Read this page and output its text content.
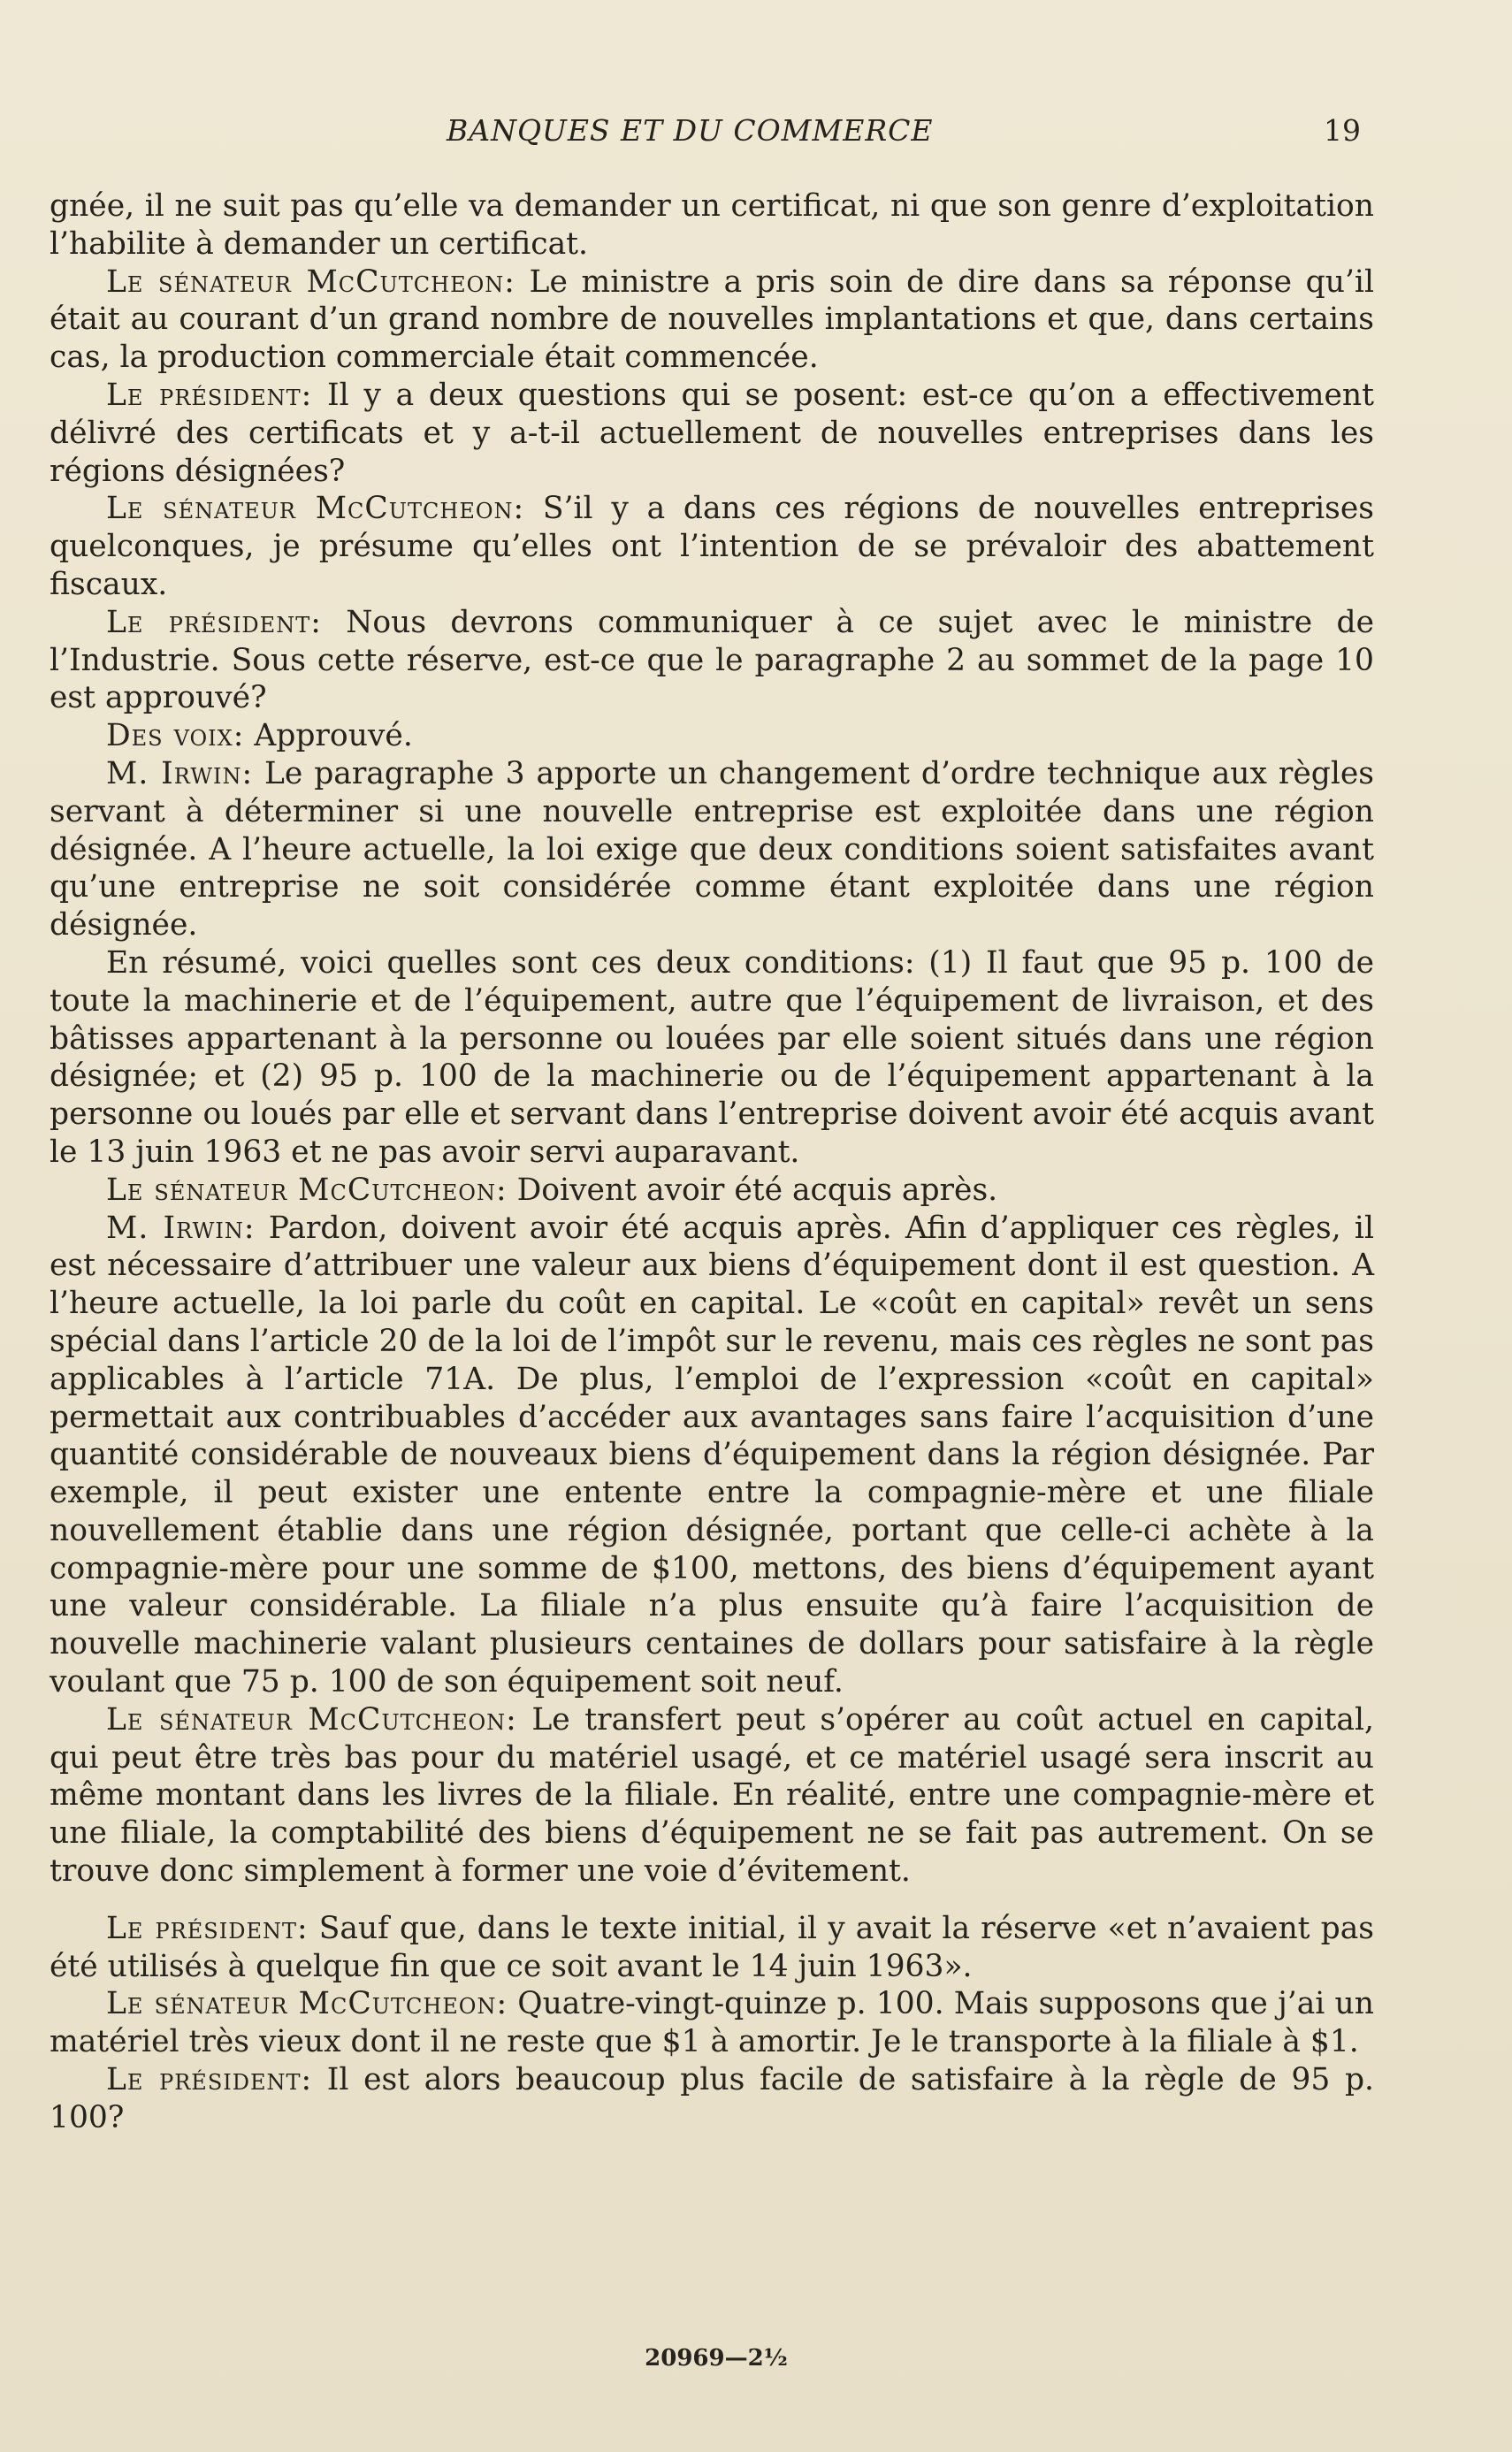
BANQUES ET DU COMMERCE	19

gnée, il ne suit pas qu’elle va demander un certificat, ni que son genre d’exploitation l’habilite à demander un certificat.

Le sénateur McCutcheon: Le ministre a pris soin de dire dans sa réponse qu’il était au courant d’un grand nombre de nouvelles implantations et que, dans certains cas, la production commerciale était commencée.

Le président: Il y a deux questions qui se posent: est-ce qu’on a effectivement délivré des certificats et y a-t-il actuellement de nouvelles entreprises dans les régions désignées?

Le sénateur McCutcheon: S’il y a dans ces régions de nouvelles entreprises quelconques, je présume qu’elles ont l’intention de se prévaloir des abattement fiscaux.

Le président: Nous devrons communiquer à ce sujet avec le ministre de l’Industrie. Sous cette réserve, est-ce que le paragraphe 2 au sommet de la page 10 est approuvé?

Des voix: Approuvé.

M. Irwin: Le paragraphe 3 apporte un changement d’ordre technique aux règles servant à déterminer si une nouvelle entreprise est exploitée dans une région désignée. A l’heure actuelle, la loi exige que deux conditions soient satisfaites avant qu’une entreprise ne soit considérée comme étant exploitée dans une région désignée.

En résumé, voici quelles sont ces deux conditions: (1) Il faut que 95 p. 100 de toute la machinerie et de l’équipement, autre que l’équipement de livraison, et des bâtisses appartenant à la personne ou louées par elle soient situés dans une région désignée; et (2) 95 p. 100 de la machinerie ou de l’équipement appartenant à la personne ou loués par elle et servant dans l’entreprise doivent avoir été acquis avant le 13 juin 1963 et ne pas avoir servi auparavant.

Le sénateur McCutcheon: Doivent avoir été acquis après.

M. Irwin: Pardon, doivent avoir été acquis après. Afin d’appliquer ces règles, il est nécessaire d’attribuer une valeur aux biens d’équipement dont il est question. A l’heure actuelle, la loi parle du coût en capital. Le «coût en capital» revêt un sens spécial dans l’article 20 de la loi de l’impôt sur le revenu, mais ces règles ne sont pas applicables à l’article 71A. De plus, l’emploi de l’expression «coût en capital» permettait aux contribuables d’accéder aux avantages sans faire l’acquisition d’une quantité considérable de nouveaux biens d’équipement dans la région désignée. Par exemple, il peut exister une entente entre la compagnie-mère et une filiale nouvellement établie dans une région désignée, portant que celle-ci achète à la compagnie-mère pour une somme de $100, mettons, des biens d’équipement ayant une valeur considérable. La filiale n’a plus ensuite qu’à faire l’acquisition de nouvelle machinerie valant plusieurs centaines de dollars pour satisfaire à la règle voulant que 75 p. 100 de son équipement soit neuf.

Le sénateur McCutcheon: Le transfert peut s’opérer au coût actuel en capital, qui peut être très bas pour du matériel usagé, et ce matériel usagé sera inscrit au même montant dans les livres de la filiale. En réalité, entre une compagnie-mère et une filiale, la comptabilité des biens d’équipement ne se fait pas autrement. On se trouve donc simplement à former une voie d’évitement.

Le président: Sauf que, dans le texte initial, il y avait la réserve «et n’avaient pas été utilisés à quelque fin que ce soit avant le 14 juin 1963».

Le sénateur McCutcheon: Quatre-vingt-quinze p. 100. Mais supposons que j’ai un matériel très vieux dont il ne reste que $1 à amortir. Je le transporte à la filiale à $1.

Le président: Il est alors beaucoup plus facile de satisfaire à la règle de 95 p. 100?

20969—2½
